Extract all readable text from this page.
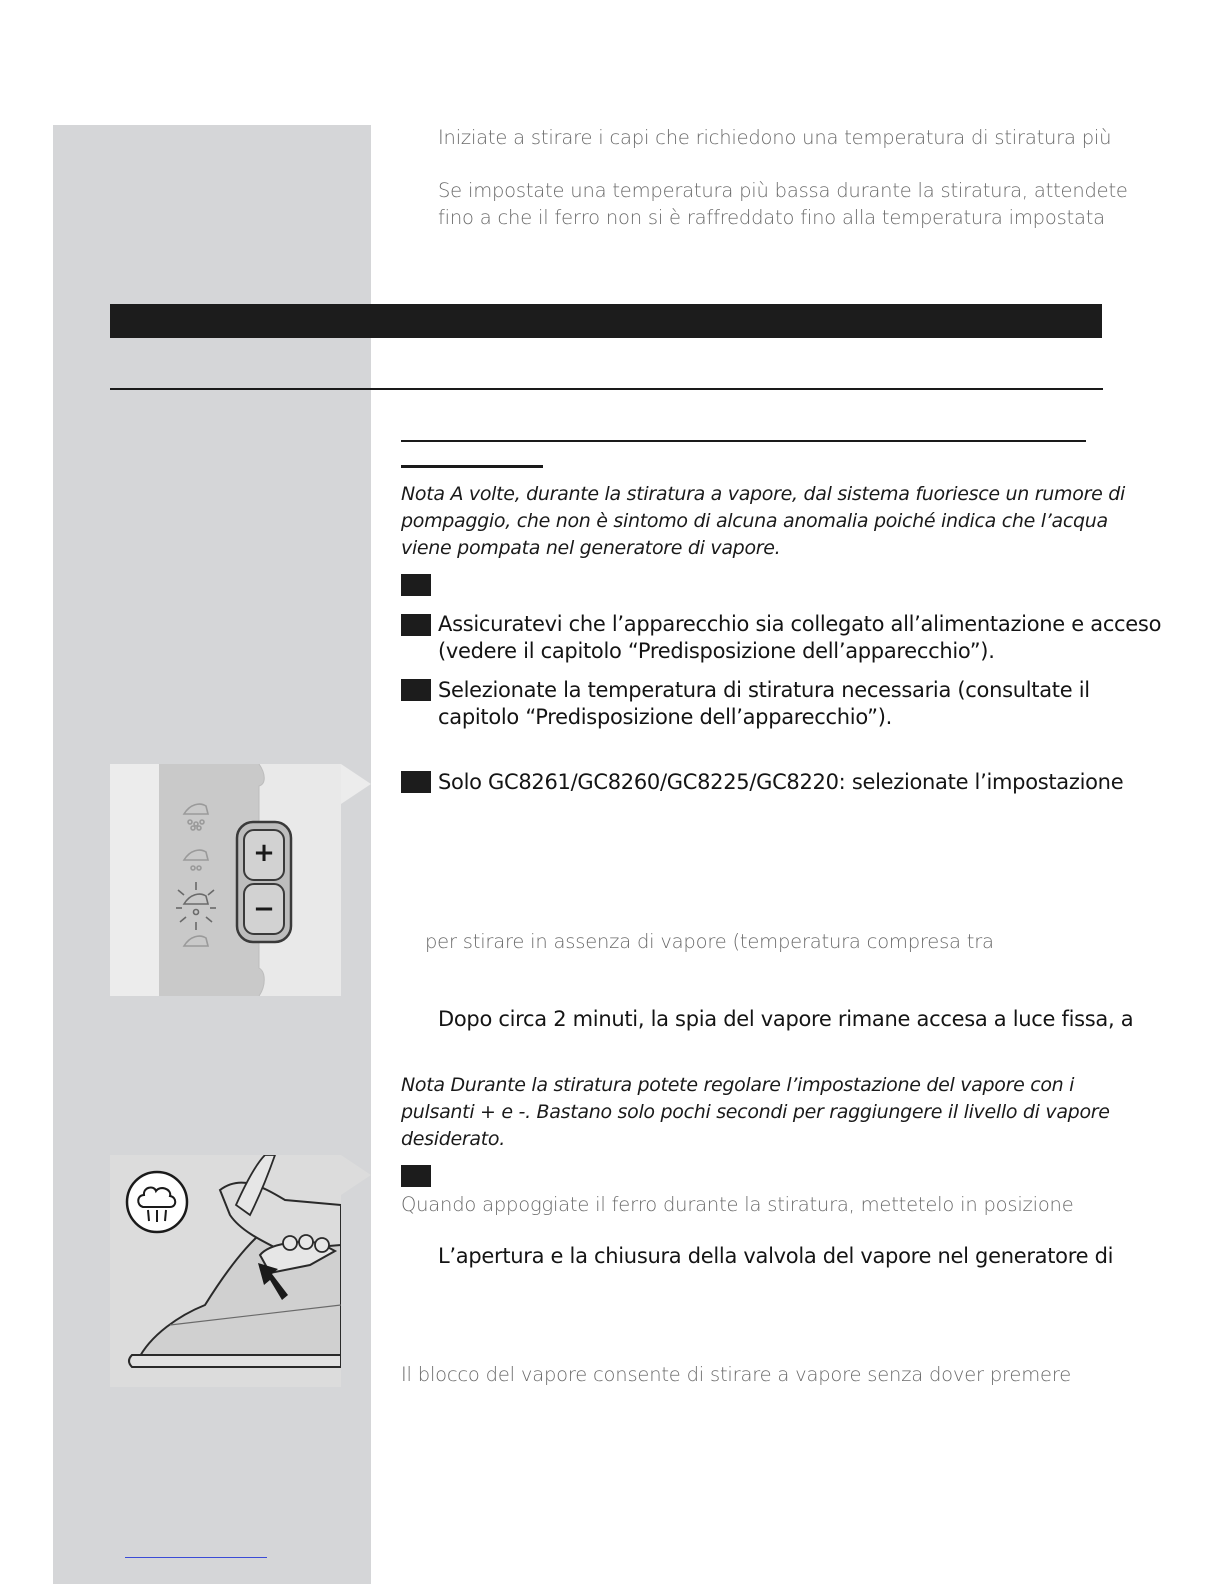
Iniziate a stirare i capi che richiedono una temperatura di stiratura più
Se impostate una temperatura più bassa durante la stiratura, attendete
fino a che il ferro non si è raffreddato fino alla temperatura impostata
Nota A volte, durante la stiratura a vapore, dal sistema fuoriesce un rumore di
pompaggio, che non è sintomo di alcuna anomalia poiché indica che l’acqua
viene pompata nel generatore di vapore.
Assicuratevi che l’apparecchio sia collegato all’alimentazione e acceso
(vedere il capitolo “Predisposizione dell’apparecchio”).
Selezionate la temperatura di stiratura necessaria (consultate il
capitolo “Predisposizione dell’apparecchio”).
Solo GC8261/GC8260/GC8225/GC8220: selezionate l’impostazione
+
−
per stirare in assenza di vapore (temperatura compresa tra
Dopo circa 2 minuti, la spia del vapore rimane accesa a luce fissa, a
Nota Durante la stiratura potete regolare l’impostazione del vapore con i
pulsanti + e -. Bastano solo pochi secondi per raggiungere il livello di vapore
desiderato.
Quando appoggiate il ferro durante la stiratura, mettetelo in posizione
L’apertura e la chiusura della valvola del vapore nel generatore di
Il blocco del vapore consente di stirare a vapore senza dover premere
